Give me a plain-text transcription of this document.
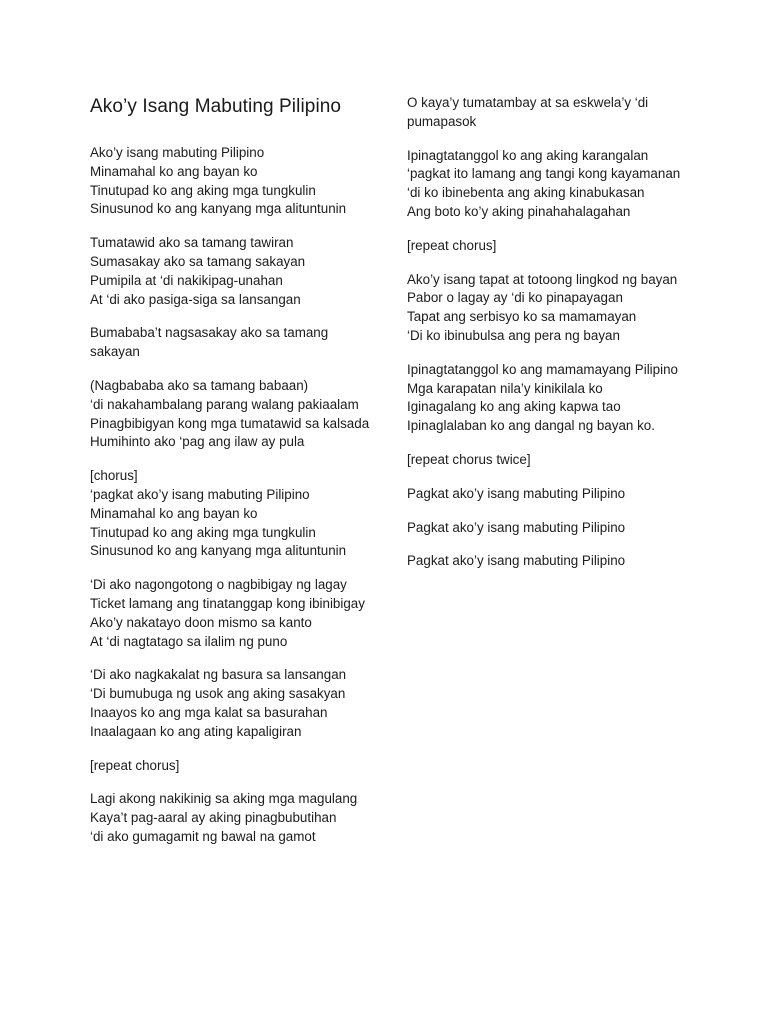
Ako’y Isang Mabuting Pilipino
Ako’y isang mabuting Pilipino
Minamahal ko ang bayan ko
Tinutupad ko ang aking mga tungkulin
Sinusunod ko ang kanyang mga alituntunin
Tumatawid ako sa tamang tawiran
Sumasakay ako sa tamang sakayan
Pumipila at ‘di nakikipag-unahan
At ‘di ako pasiga-siga sa lansangan
Bumababa’t nagsasakay ako sa tamang sakayan
(Nagbababa ako sa tamang babaan)
‘di nakahambalang parang walang pakiaalam
Pinagbibigyan kong mga tumatawid sa kalsada
Humihinto ako ‘pag ang ilaw ay pula
[chorus]
‘pagkat ako’y isang mabuting Pilipino
Minamahal ko ang bayan ko
Tinutupad ko ang aking mga tungkulin
Sinusunod ko ang kanyang mga alituntunin
‘Di ako nagongotong o nagbibigay ng lagay
Ticket lamang ang tinatanggap kong ibinibigay
Ako’y nakatayo doon mismo sa kanto
At ‘di nagtatago sa ilalim ng puno
‘Di ako nagkakalat ng basura sa lansangan
‘Di bumubuga ng usok ang aking sasakyan
Inaayos ko ang mga kalat sa basurahan
Inaalagaan ko ang ating kapaligiran
[repeat chorus]
Lagi akong nakikinig sa aking mga magulang
Kaya’t pag-aaral ay aking pinagbubutihan
‘di ako gumagamit ng bawal na gamot
O kaya’y tumatambay at sa eskwela’y ‘di pumapasok
Ipinagtatanggol ko ang aking karangalan
‘pagkat ito lamang ang tangi kong kayamanan
‘di ko ibinebenta ang aking kinabukasan
Ang boto ko’y aking pinahahalagahan
[repeat chorus]
Ako’y isang tapat at totoong lingkod ng bayan
Pabor o lagay ay ‘di ko pinapayagan
Tapat ang serbisyo ko sa mamamayan
‘Di ko ibinubulsa ang pera ng bayan
Ipinagtatanggol ko ang mamamayang Pilipino
Mga karapatan nila’y kinikilala ko
Iginagalang ko ang aking kapwa tao
Ipinaglalaban ko ang dangal ng bayan ko.
[repeat chorus twice]
Pagkat ako’y isang mabuting Pilipino
Pagkat ako’y isang mabuting Pilipino
Pagkat ako’y isang mabuting Pilipino
